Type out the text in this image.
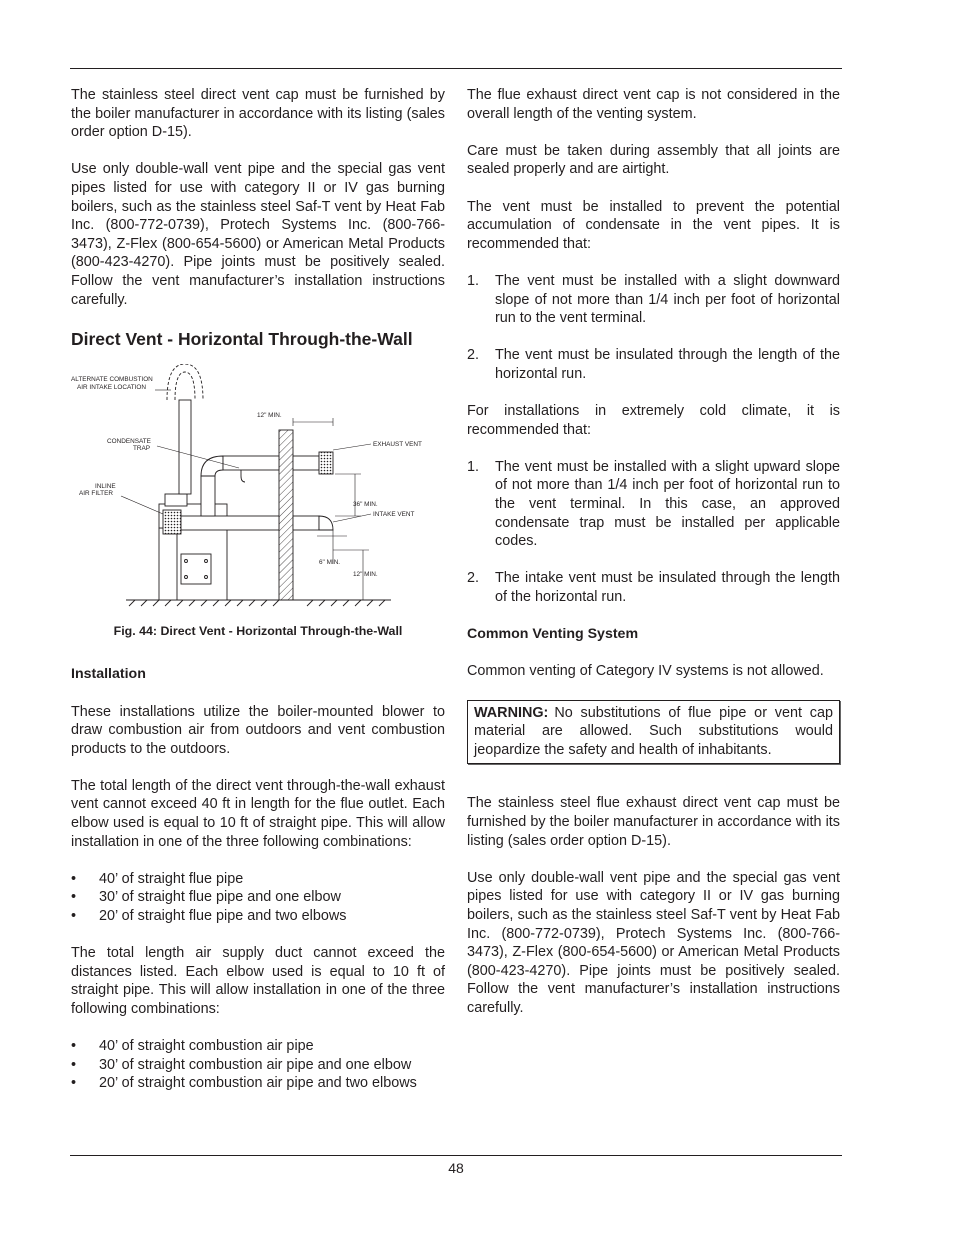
The stainless steel direct vent cap must be furnished by the boiler manufacturer in accordance with its listing (sales order option D-15).

Use only double-wall vent pipe and the special gas vent pipes listed for use with category II or IV gas burning boilers, such as the stainless steel Saf-T vent by Heat Fab Inc. (800-772-0739), Protech Systems Inc. (800-766-3473), Z-Flex (800-654-5600) or American Metal Products (800-423-4270). Pipe joints must be positively sealed. Follow the vent manufacturer’s installation instructions carefully.

Direct Vent - Horizontal Through-the-Wall
ALTERNATE COMBUSTION
AIR INTAKE LOCATION
CONDENSATE
TRAP
INLINE
AIR FILTER
EXHAUST VENT
INTAKE VENT
12" MIN.
36" MIN.
6" MIN.
12" MIN.
Fig. 44: Direct Vent - Horizontal Through-the-Wall
Installation

These installations utilize the boiler-mounted blower to draw combustion air from outdoors and vent combustion products to the outdoors.

The total length of the direct vent through-the-wall exhaust vent cannot exceed 40 ft in length for the flue outlet. Each elbow used is equal to 10 ft of straight pipe. This will allow installation in one of the three following combinations:

• 40’ of straight flue pipe
• 30’ of straight flue pipe and one elbow
• 20’ of straight flue pipe and two elbows

The total length air supply duct cannot exceed the distances listed. Each elbow used is equal to 10 ft of straight pipe. This will allow installation in one of the three following combinations:

• 40’ of straight combustion air pipe
• 30’ of straight combustion air pipe and one elbow
• 20’ of straight combustion air pipe and two elbows

The flue exhaust direct vent cap is not considered in the overall length of the venting system.

Care must be taken during assembly that all joints are sealed properly and are airtight.

The vent must be installed to prevent the potential accumulation of condensate in the vent pipes. It is recommended that:

1. The vent must be installed with a slight downward slope of not more than 1/4 inch per foot of horizontal run to the vent terminal.
2. The vent must be insulated through the length of the horizontal run.

For installations in extremely cold climate, it is recommended that:

1. The vent must be installed with a slight upward slope of not more than 1/4 inch per foot of horizontal run to the vent terminal. In this case, an approved condensate trap must be installed per applicable codes.
2. The intake vent must be insulated through the length of the horizontal run.
Common Venting System

Common venting of Category IV systems is not allowed.

WARNING: No substitutions of flue pipe or vent cap material are allowed. Such substitutions would jeopardize the safety and health of inhabitants.

The stainless steel flue exhaust direct vent cap must be furnished by the boiler manufacturer in accordance with its listing (sales order option D-15).

Use only double-wall vent pipe and the special gas vent pipes listed for use with category II or IV gas burning boilers, such as the stainless steel Saf-T vent by Heat Fab Inc. (800-772-0739), Protech Systems Inc. (800-766-3473), Z-Flex (800-654-5600) or American Metal Products (800-423-4270). Pipe joints must be positively sealed. Follow the vent manufacturer’s installation instructions carefully.

48
